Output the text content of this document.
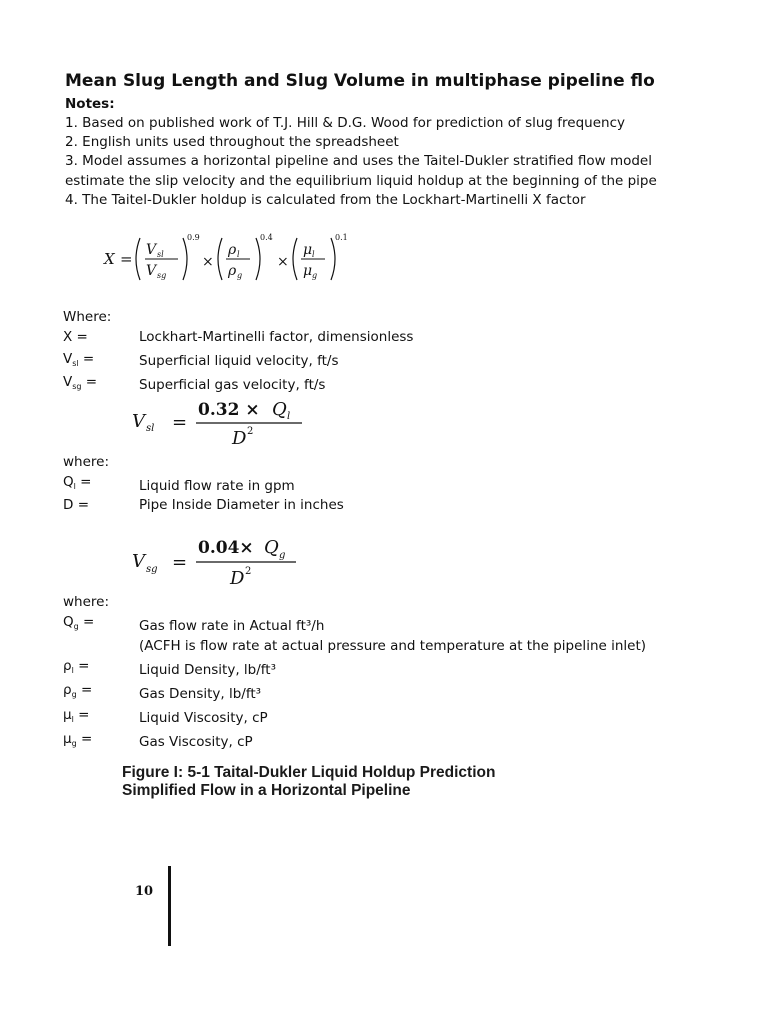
Mean Slug Length and Slug Volume in multiphase pipeline flo
Notes:
1. Based on published work of T.J. Hill & D.G. Wood for prediction of slug frequency
2. English units used throughout the spreadsheet
3. Model assumes a horizontal pipeline and uses the Taitel-Dukler stratified flow model
estimate the slip velocity and the equilibrium liquid holdup at the beginning of the pipe
4. The Taitel-Dukler holdup is calculated from the Lockhart-Martinelli X factor
X = V sl
V sg
0.9
×
ρ l
ρ g
0.4
×
μ l
μ g
0.1
Where:
X =	Lockhart-Martinelli factor, dimensionless
$V_{sl}$ =	Superficial liquid velocity, ft/s
$V_{sg}$ =	Superficial gas velocity, ft/s
V sl =
0.32 × Q l
D 2
where:
$Q_l$ =	Liquid flow rate in gpm
D =	Pipe Inside Diameter in inches
V sg =
0.04× Q g
D 2
where:
$Q_g$ =	Gas flow rate in Actual ft³/h
(ACFH is flow rate at actual pressure and temperature at the pipeline inlet)
$\rho_l$ =	Liquid Density, lb/ft³
$\rho_g$ =	Gas Density, lb/ft³
$\mu_l$ =	Liquid Viscosity, cP
$\mu_g$ =	Gas Viscosity, cP
Figure I: 5-1 Taital-Dukler Liquid Holdup Prediction
Simplified Flow in a Horizontal Pipeline
10
